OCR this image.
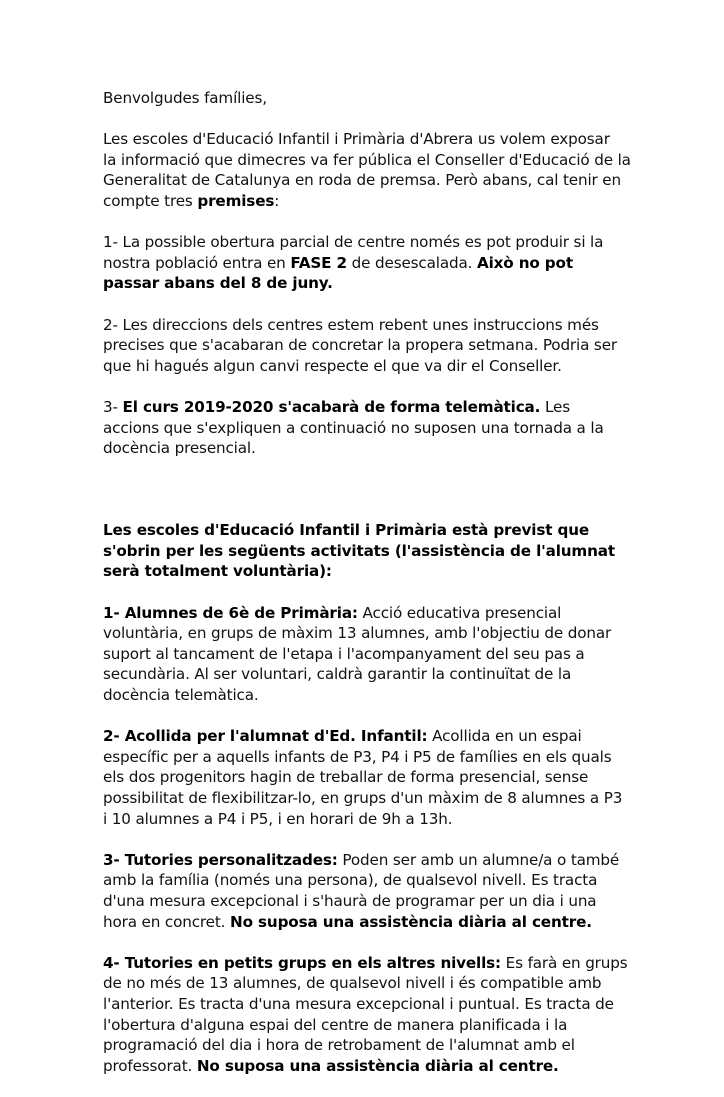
Benvolgudes famílies,

Les escoles d'Educació Infantil i Primària d'Abrera us volem exposar
la informació que dimecres va fer pública el Conseller d'Educació de la
Generalitat de Catalunya en roda de premsa. Però abans, cal tenir en
compte tres premises:

1- La possible obertura parcial de centre només es pot produir si la
nostra població entra en FASE 2 de desescalada. Això no pot
passar abans del 8 de juny.

2- Les direccions dels centres estem rebent unes instruccions més
precises que s'acabaran de concretar la propera setmana. Podria ser
que hi hagués algun canvi respecte el que va dir el Conseller.

3- El curs 2019-2020 s'acabarà de forma telemàtica. Les
accions que s'expliquen a continuació no suposen una tornada a la
docència presencial.

Les escoles d'Educació Infantil i Primària està previst que
s'obrin per les següents activitats (l'assistència de l'alumnat
serà totalment voluntària):

1- Alumnes de 6è de Primària: Acció educativa presencial
voluntària, en grups de màxim 13 alumnes, amb l'objectiu de donar
suport al tancament de l'etapa i l'acompanyament del seu pas a
secundària. Al ser voluntari, caldrà garantir la continuïtat de la
docència telemàtica.

2- Acollida per l'alumnat d'Ed. Infantil: Acollida en un espai
específic per a aquells infants de P3, P4 i P5 de famílies en els quals
els dos progenitors hagin de treballar de forma presencial, sense
possibilitat de flexibilitzar-lo, en grups d'un màxim de 8 alumnes a P3
i 10 alumnes a P4 i P5, i en horari de 9h a 13h.

3- Tutories personalitzades: Poden ser amb un alumne/a o també
amb la família (només una persona), de qualsevol nivell. Es tracta
d'una mesura excepcional i s'haurà de programar per un dia i una
hora en concret. No suposa una assistència diària al centre.

4- Tutories en petits grups en els altres nivells: Es farà en grups
de no més de 13 alumnes, de qualsevol nivell i és compatible amb
l'anterior. Es tracta d'una mesura excepcional i puntual. Es tracta de
l'obertura d'alguna espai del centre de manera planificada i la
programació del dia i hora de retrobament de l'alumnat amb el
professorat. No suposa una assistència diària al centre.
